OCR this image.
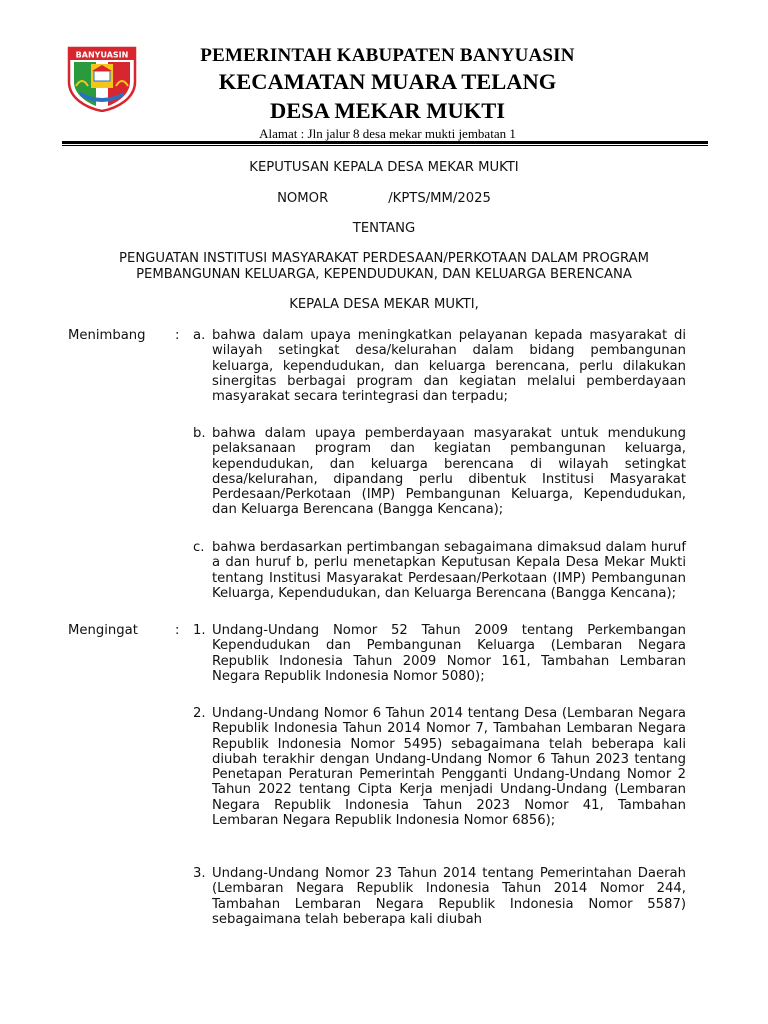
BANYUASIN	PEMERINTAH KABUPATEN BANYUASIN
KECAMATAN MUARA TELANG
DESA MEKAR MUKTI
Alamat : Jln jalur 8 desa mekar mukti jembatan 1
KEPUTUSAN KEPALA DESA MEKAR MUKTI
NOMOR	/KPTS/MM/2025
TENTANG
PENGUATAN INSTITUSI MASYARAKAT PERDESAAN/PERKOTAAN DALAM PROGRAM
PEMBANGUNAN KELUARGA, KEPENDUDUKAN, DAN KELUARGA BERENCANA
KEPALA DESA MEKAR MUKTI,
Menimbang : a. bahwa dalam upaya meningkatkan pelayanan kepada masyarakat di wilayah setingkat desa/kelurahan dalam bidang pembangunan keluarga, kependudukan, dan keluarga berencana, perlu dilakukan sinergitas berbagai program dan kegiatan melalui pemberdayaan masyarakat secara terintegrasi dan terpadu;
b. bahwa dalam upaya pemberdayaan masyarakat untuk mendukung pelaksanaan program dan kegiatan pembangunan keluarga, kependudukan, dan keluarga berencana di wilayah setingkat desa/kelurahan, dipandang perlu dibentuk Institusi Masyarakat Perdesaan/Perkotaan (IMP) Pembangunan Keluarga, Kependudukan, dan Keluarga Berencana (Bangga Kencana);
c. bahwa berdasarkan pertimbangan sebagaimana dimaksud dalam huruf a dan huruf b, perlu menetapkan Keputusan Kepala Desa Mekar Mukti tentang Institusi Masyarakat Perdesaan/Perkotaan (IMP) Pembangunan Keluarga, Kependudukan, dan Keluarga Berencana (Bangga Kencana);
Mengingat	: 1. Undang-Undang Nomor 52 Tahun 2009 tentang Perkembangan Kependudukan dan Pembangunan Keluarga (Lembaran Negara Republik Indonesia Tahun 2009 Nomor 161, Tambahan Lembaran Negara Republik Indonesia Nomor 5080);
2. Undang-Undang Nomor 6 Tahun 2014 tentang Desa (Lembaran Negara Republik Indonesia Tahun 2014 Nomor 7, Tambahan Lembaran Negara Republik Indonesia Nomor 5495) sebagaimana telah beberapa kali diubah terakhir dengan Undang-Undang Nomor 6 Tahun 2023 tentang Penetapan Peraturan Pemerintah Pengganti Undang-Undang Nomor 2 Tahun 2022 tentang Cipta Kerja menjadi Undang-Undang (Lembaran Negara Republik Indonesia Tahun 2023 Nomor 41, Tambahan Lembaran Negara Republik Indonesia Nomor 6856);
3. Undang-Undang Nomor 23 Tahun 2014 tentang Pemerintahan Daerah (Lembaran Negara Republik Indonesia Tahun 2014 Nomor 244, Tambahan Lembaran Negara Republik Indonesia Nomor 5587) sebagaimana telah beberapa kali diubah
